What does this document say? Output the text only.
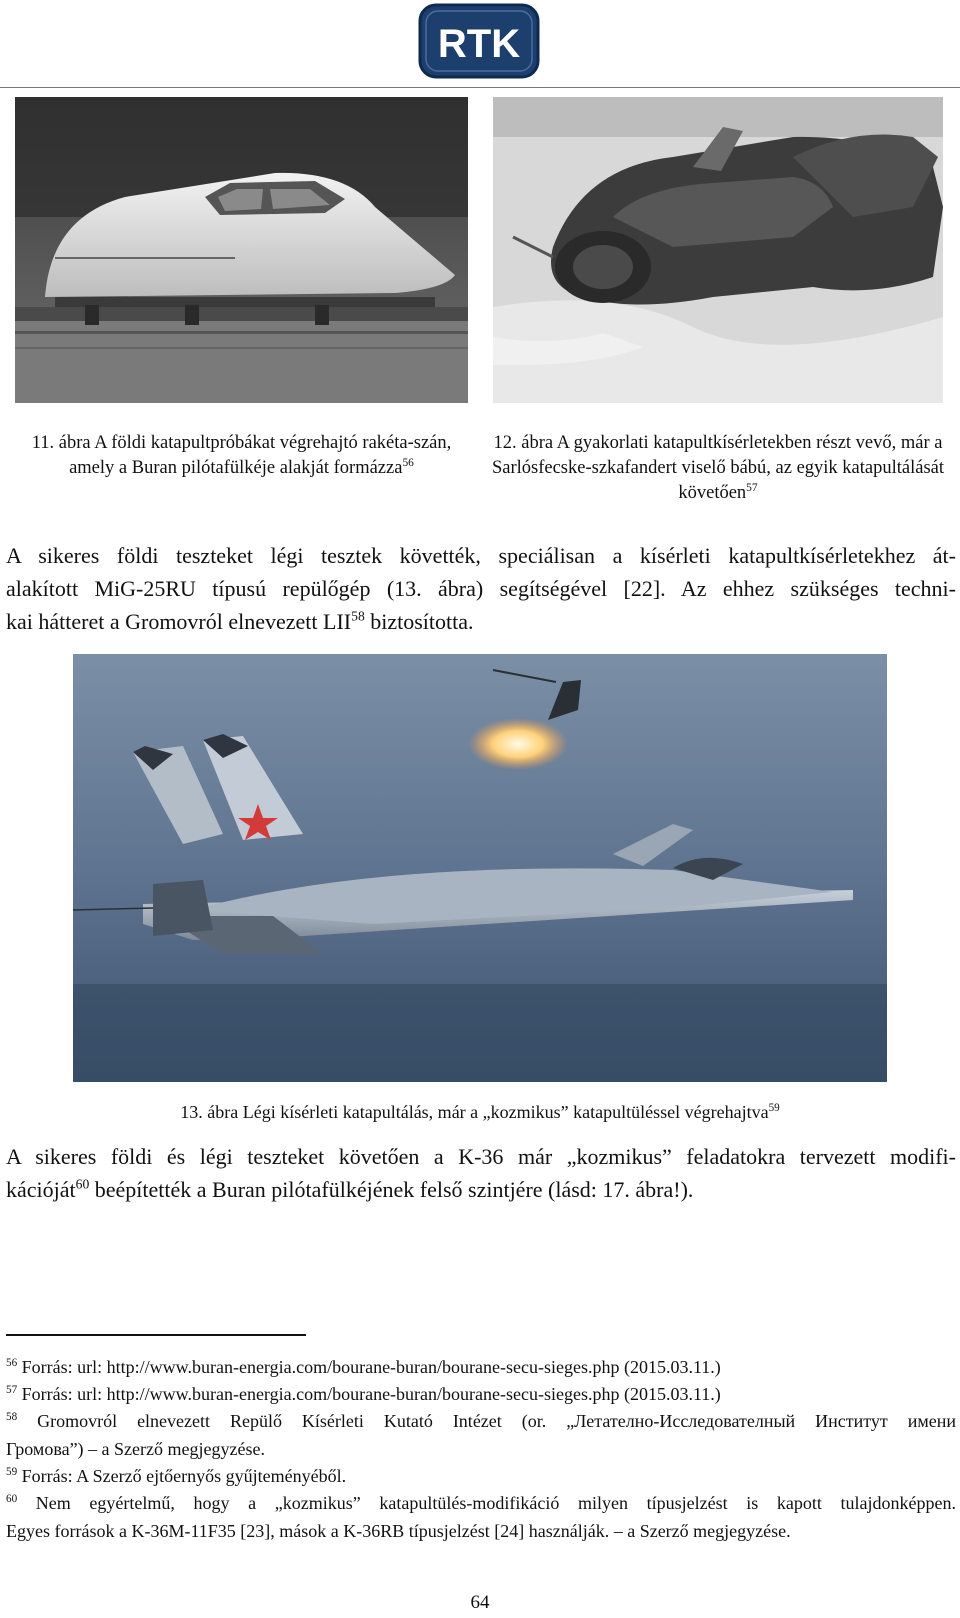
RTK
11. ábra A földi katapultpróbákat végrehajtó rakéta-szán, amely a Buran pilótafülkéje alakját formázza$^{56}$
12. ábra A gyakorlati katapultkísérletekben részt vevő, már a Sarlósfecske-szkafandert viselő bábú, az egyik katapultálását követően$^{57}$
A sikeres földi teszteket légi tesztek követték, speciálisan a kísérleti katapultkísérletekhez át-
alakított MiG-25RU típusú repülőgép (13. ábra) segítségével [22]. Az ehhez szükséges techni-
kai hátteret a Gromovról elnevezett LII$^{58}$ biztosította.
13. ábra Légi kísérleti katapultálás, már a „kozmikus” katapultüléssel végrehajtva$^{59}$
A sikeres földi és légi teszteket követően a K-36 már „kozmikus” feladatokra tervezett modifi-
kációját$^{60}$ beépítették a Buran pilótafülkéjének felső szintjére (lásd: 17. ábra!).
$^{56}$ Forrás: url: http://www.buran-energia.com/bourane-buran/bourane-secu-sieges.php (2015.03.11.)
$^{57}$ Forrás: url: http://www.buran-energia.com/bourane-buran/bourane-secu-sieges.php (2015.03.11.)
$^{58}$ Gromovról elnevezett Repülő Kísérleti Kutató Intézet (or. „Летателно-Исследователный Институт имени
Громова”) – a Szerző megjegyzése.
$^{59}$ Forrás: A Szerző ejtőernyős gyűjteményéből.
$^{60}$ Nem egyértelmű, hogy a „kozmikus” katapultülés-modifikáció milyen típusjelzést is kapott tulajdonképpen.
Egyes források a K-36M-11F35 [23], mások a K-36RB típusjelzést [24] használják. – a Szerző megjegyzése.
64
